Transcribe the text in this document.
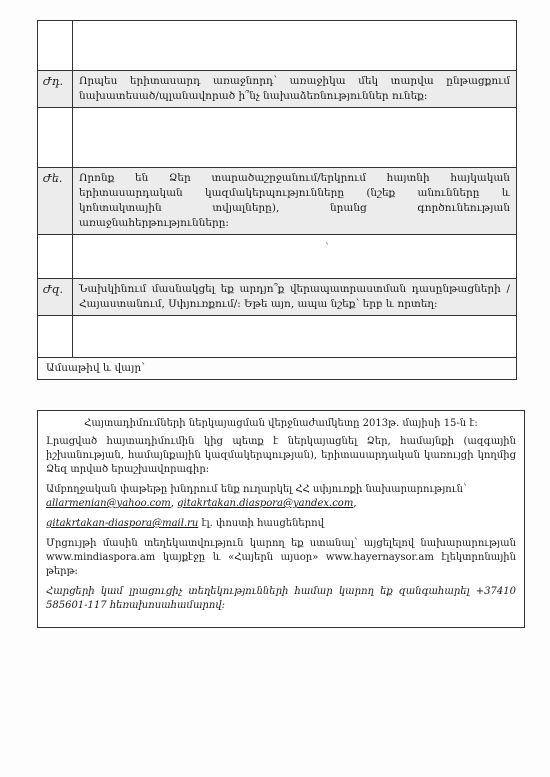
Ժդ.	Որպես երիտասարդ առաջնորդ՝ առաջիկա մեկ տարվա ընթացքում նախատեսած/պլանավորած ի՞նչ նախաձեռնություններ ունեք:

Ժե.	Որոնք են Ձեր տարածաշրջանում/երկրում հայտնի հայկական երիտասարդական կազմակերպությունները (նշեք անունները և կոնտակտային տվյալները), նրանց գործունեության առաջնահերթությունները:

Ժզ.	Նախկինում մասնակցել եք արդյո՞ք վերապատրաստման դասընթացների /Հայաստանում, Սփյուռքում/: Եթե այո, ապա նշեք՝ երբ և որտեղ:

Ամսաթիվ և վայր՝	
ˋ

Հայտադիմումների ներկայացման վերջնաժամկետը 2013թ. մայիսի 15-ն է:

Լրացված հայտադիմումին կից պետք է ներկայացնել Ձեր, համայնքի (ազգային իշխանության, համայնքային կազմակերպության), երիտասարդական կառույցի կողմից Ձեզ տրված երաշխավորագիր:

Ամբողջական փաթեթը խնդրում ենք ուղարկել ՀՀ սփյուռքի նախարարություն՝
allarmenian@yahoo.com, gitakrtakan.diaspora@yandex.com,

gitakrtakan-diaspora@mail.ru էլ. փոստի հասցեներով

Մրցույթի մասին տեղեկատվություն կարող եք ստանալ՝ այցելելով նախարարության www.mindiaspora.am կայքէջը և «Հայերն այսօր» www.hayernaysor.am էլեկտրոնային թերթ:

Հարցերի կամ լրացուցիչ տեղեկությունների համար կարող եք զանգահարել +37410 585601-117 հեռախոսահամարով:
